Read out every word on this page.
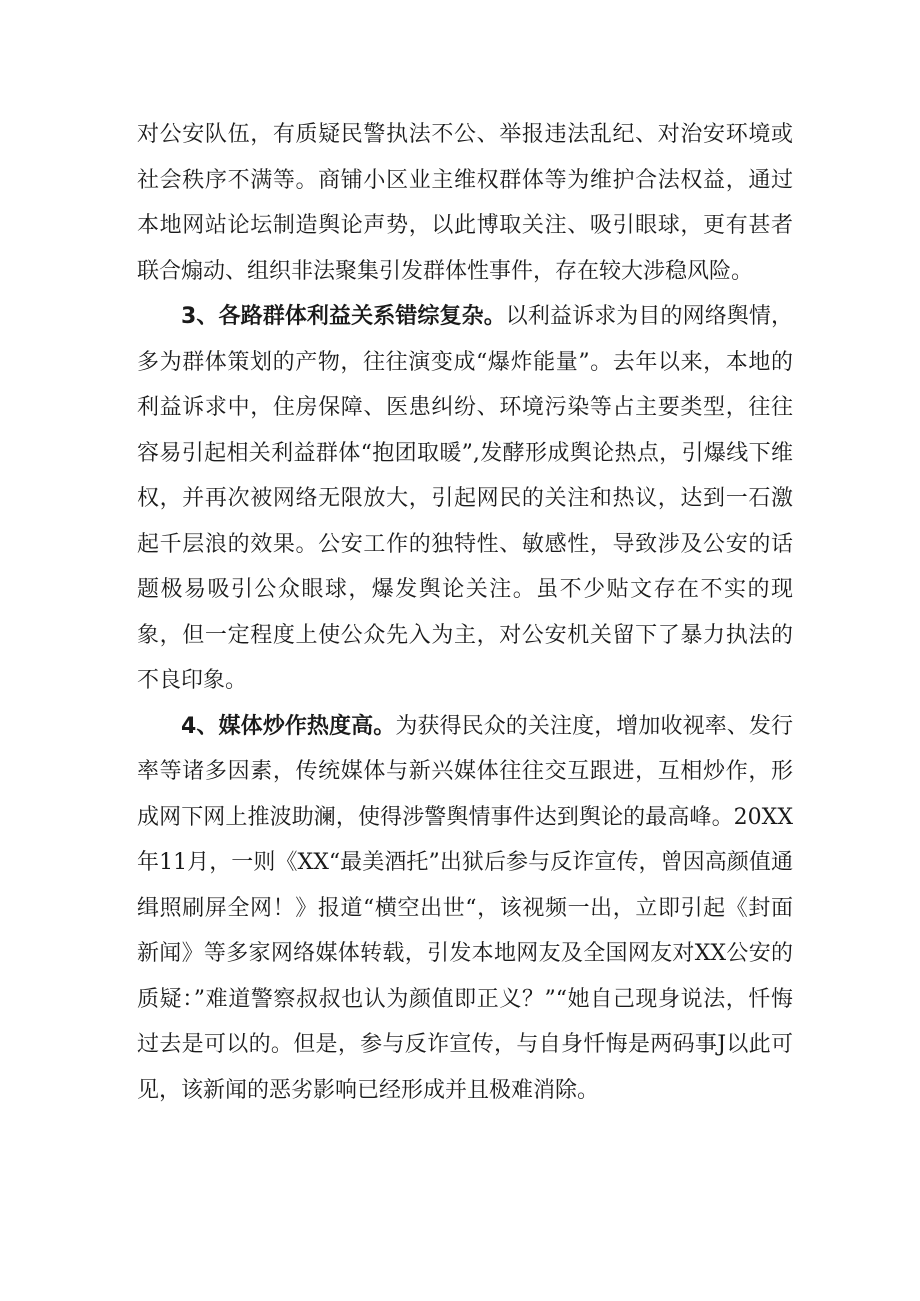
对公安队伍，有质疑民警执法不公、举报违法乱纪、对治安环境或社会秩序不满等。商铺小区业主维权群体等为维护合法权益，通过本地网站论坛制造舆论声势，以此博取关注、吸引眼球，更有甚者联合煽动、组织非法聚集引发群体性事件，存在较大涉稳风险。

3、各路群体利益关系错综复杂。以利益诉求为目的网络舆情，多为群体策划的产物，往往演变成“爆炸能量”。去年以来，本地的利益诉求中，住房保障、医患纠纷、环境污染等占主要类型，往往容易引起相关利益群体“抱团取暖”,发酵形成舆论热点，引爆线下维权，并再次被网络无限放大，引起网民的关注和热议，达到一石激起千层浪的效果。公安工作的独特性、敏感性，导致涉及公安的话题极易吸引公众眼球，爆发舆论关注。虽不少贴文存在不实的现象，但一定程度上使公众先入为主，对公安机关留下了暴力执法的不良印象。

4、媒体炒作热度高。为获得民众的关注度，增加收视率、发行率等诸多因素，传统媒体与新兴媒体往往交互跟进，互相炒作，形成网下网上推波助澜，使得涉警舆情事件达到舆论的最高峰。20XX年11月，一则《XX“最美酒托”出狱后参与反诈宣传，曾因高颜值通缉照刷屏全网！》报道“横空出世“，该视频一出，立即引起《封面新闻》等多家网络媒体转载，引发本地网友及全国网友对XX公安的质疑：”难道警察叔叔也认为颜值即正义？”“她自己现身说法，忏悔过去是可以的。但是，参与反诈宣传，与自身忏悔是两码事J以此可见，该新闻的恶劣影响已经形成并且极难消除。
